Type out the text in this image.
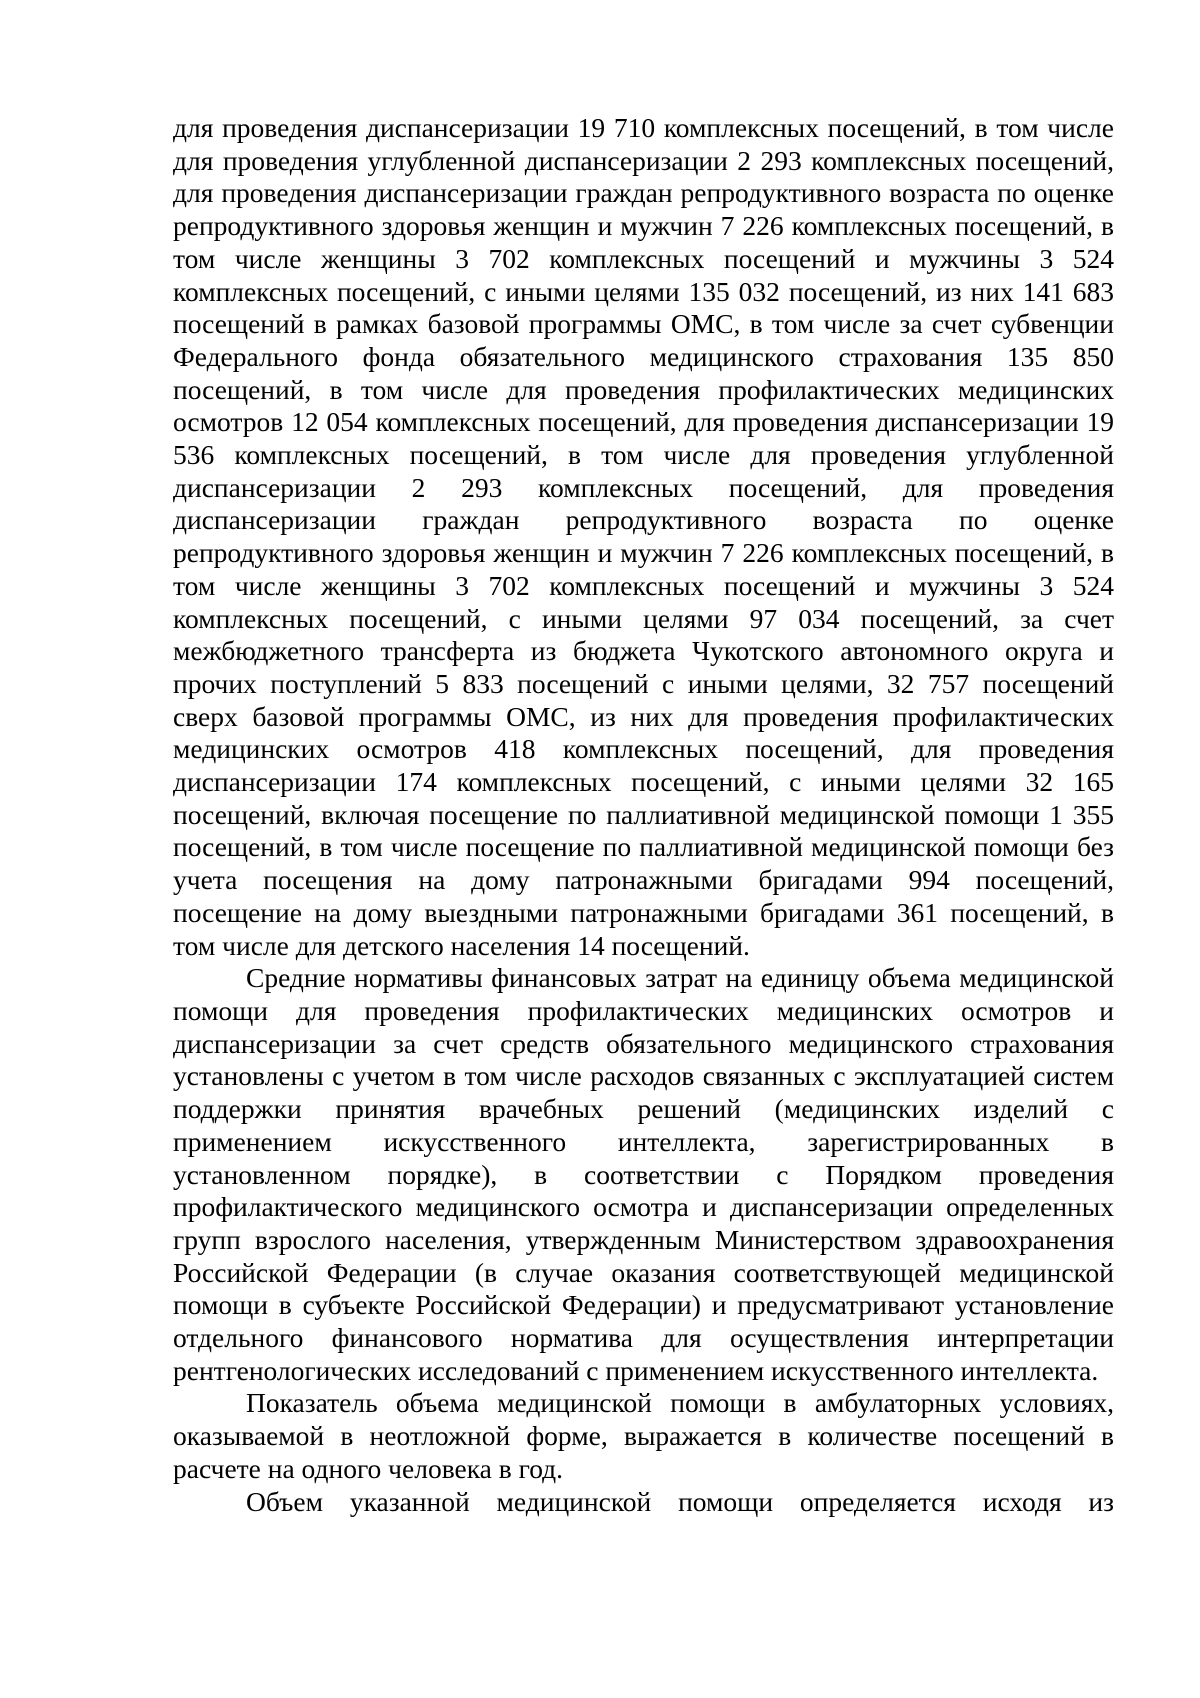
для проведения диспансеризации 19 710 комплексных посещений, в том числе для проведения углубленной диспансеризации 2 293 комплексных посещений, для проведения диспансеризации граждан репродуктивного возраста по оценке репродуктивного здоровья женщин и мужчин 7 226 комплексных посещений, в том числе женщины 3 702 комплексных посещений и мужчины 3 524 комплексных посещений, с иными целями 135 032 посещений, из них 141 683 посещений в рамках базовой программы ОМС, в том числе за счет субвенции Федерального фонда обязательного медицинского страхования 135 850 посещений, в том числе для проведения профилактических медицинских осмотров 12 054 комплексных посещений, для проведения диспансеризации 19 536 комплексных посещений, в том числе для проведения углубленной диспансеризации 2 293 комплексных посещений, для проведения диспансеризации граждан репродуктивного возраста по оценке репродуктивного здоровья женщин и мужчин 7 226 комплексных посещений, в том числе женщины 3 702 комплексных посещений и мужчины 3 524 комплексных посещений, с иными целями 97 034 посещений, за счет межбюджетного трансферта из бюджета Чукотского автономного округа и прочих поступлений 5 833 посещений с иными целями, 32 757 посещений сверх базовой программы ОМС, из них для проведения профилактических медицинских осмотров 418 комплексных посещений, для проведения диспансеризации 174 комплексных посещений, с иными целями 32 165 посещений, включая посещение по паллиативной медицинской помощи 1 355 посещений, в том числе посещение по паллиативной медицинской помощи без учета посещения на дому патронажными бригадами 994 посещений, посещение на дому выездными патронажными бригадами 361 посещений, в том числе для детского населения 14 посещений.

Средние нормативы финансовых затрат на единицу объема медицинской помощи для проведения профилактических медицинских осмотров и диспансеризации за счет средств обязательного медицинского страхования установлены с учетом в том числе расходов связанных с эксплуатацией систем поддержки принятия врачебных решений (медицинских изделий с применением искусственного интеллекта, зарегистрированных в установленном порядке), в соответствии с Порядком проведения профилактического медицинского осмотра и диспансеризации определенных групп взрослого населения, утвержденным Министерством здравоохранения Российской Федерации (в случае оказания соответствующей медицинской помощи в субъекте Российской Федерации) и предусматривают установление отдельного финансового норматива для осуществления интерпретации рентгенологических исследований с применением искусственного интеллекта.

Показатель объема медицинской помощи в амбулаторных условиях, оказываемой в неотложной форме, выражается в количестве посещений в расчете на одного человека в год.

Объем указанной медицинской помощи определяется исходя из
